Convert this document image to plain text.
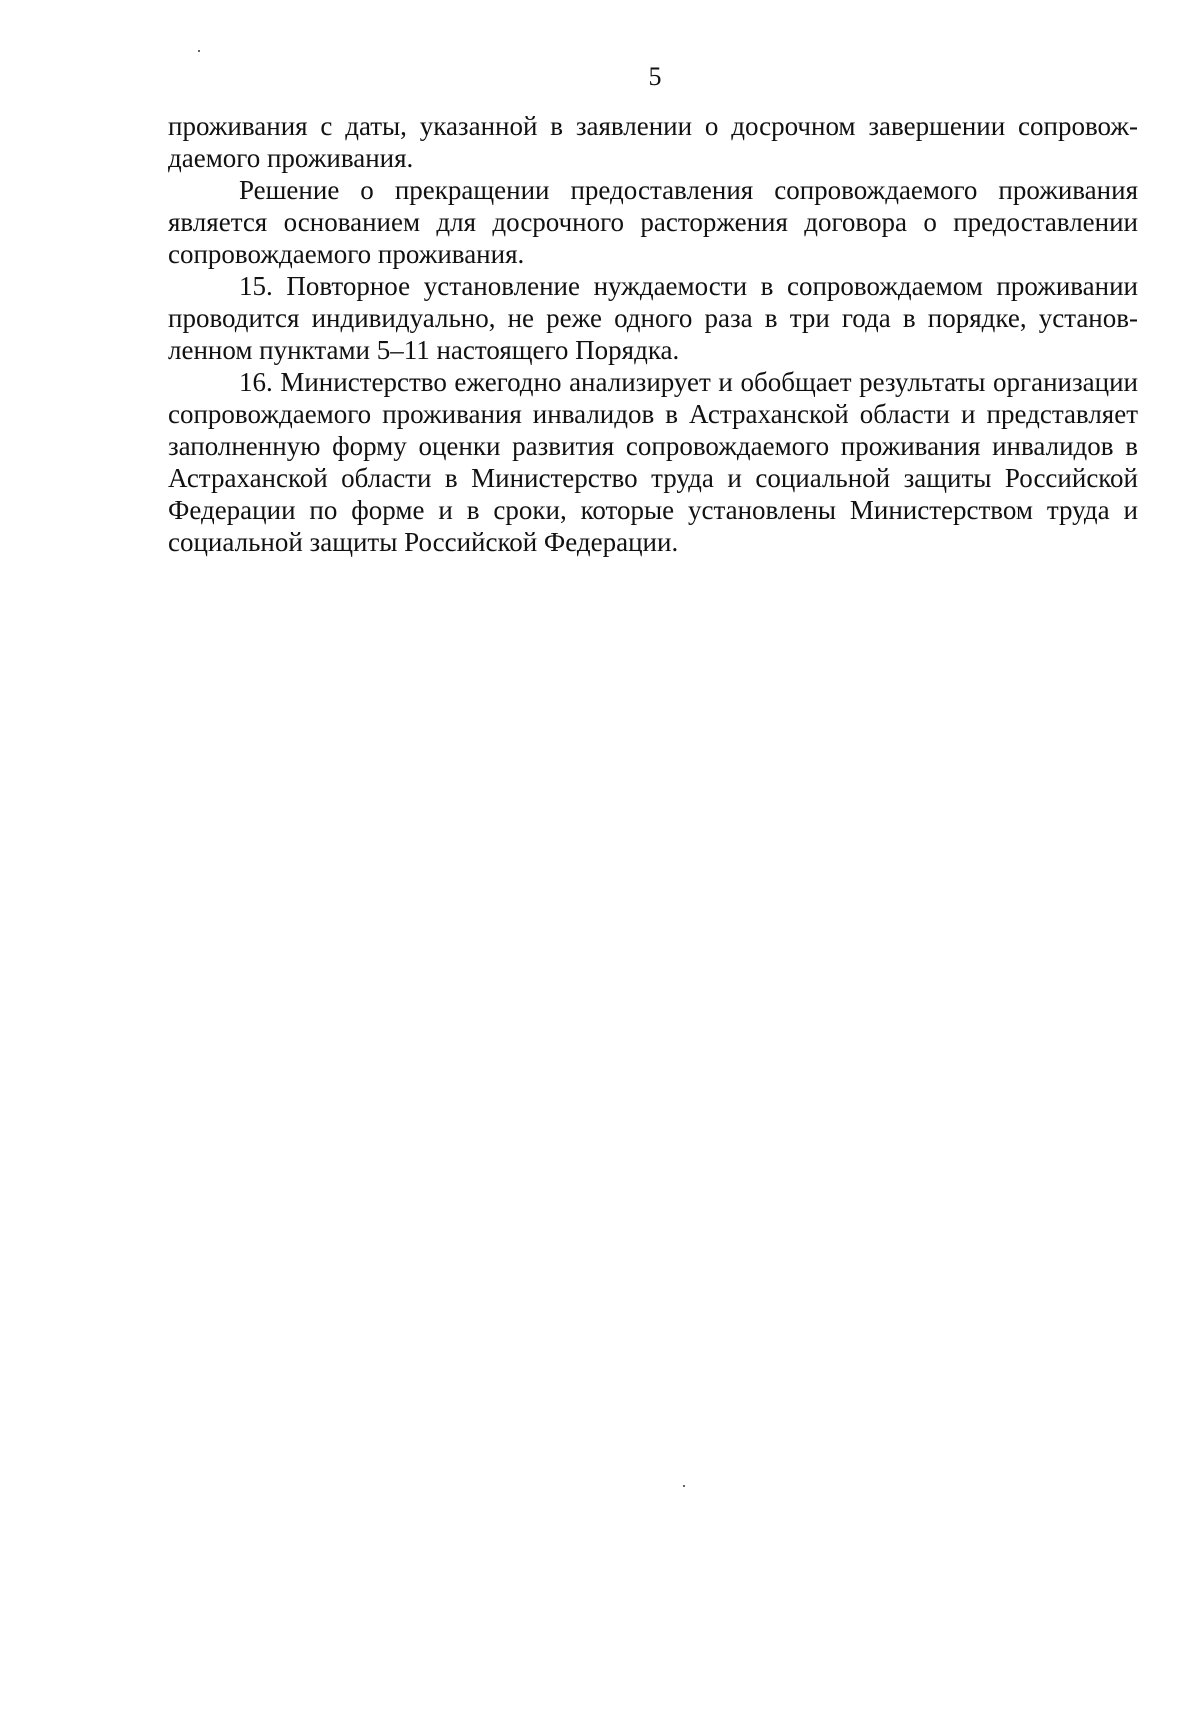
5

проживания с даты, указанной в заявлении о досрочном завершении сопровождаемого проживания.

Решение о прекращении предоставления сопровождаемого проживания является основанием для досрочного расторжения договора о предоставлении сопровождаемого проживания.

15. Повторное установление нуждаемости в сопровождаемом проживании проводится индивидуально, не реже одного раза в три года в порядке, установленном пунктами 5–11 настоящего Порядка.

16. Министерство ежегодно анализирует и обобщает результаты организации сопровождаемого проживания инвалидов в Астраханской области и представляет заполненную форму оценки развития сопровождаемого проживания инвалидов в Астраханской области в Министерство труда и социальной защиты Российской Федерации по форме и в сроки, которые установлены Министерством труда и социальной защиты Российской Федерации.
